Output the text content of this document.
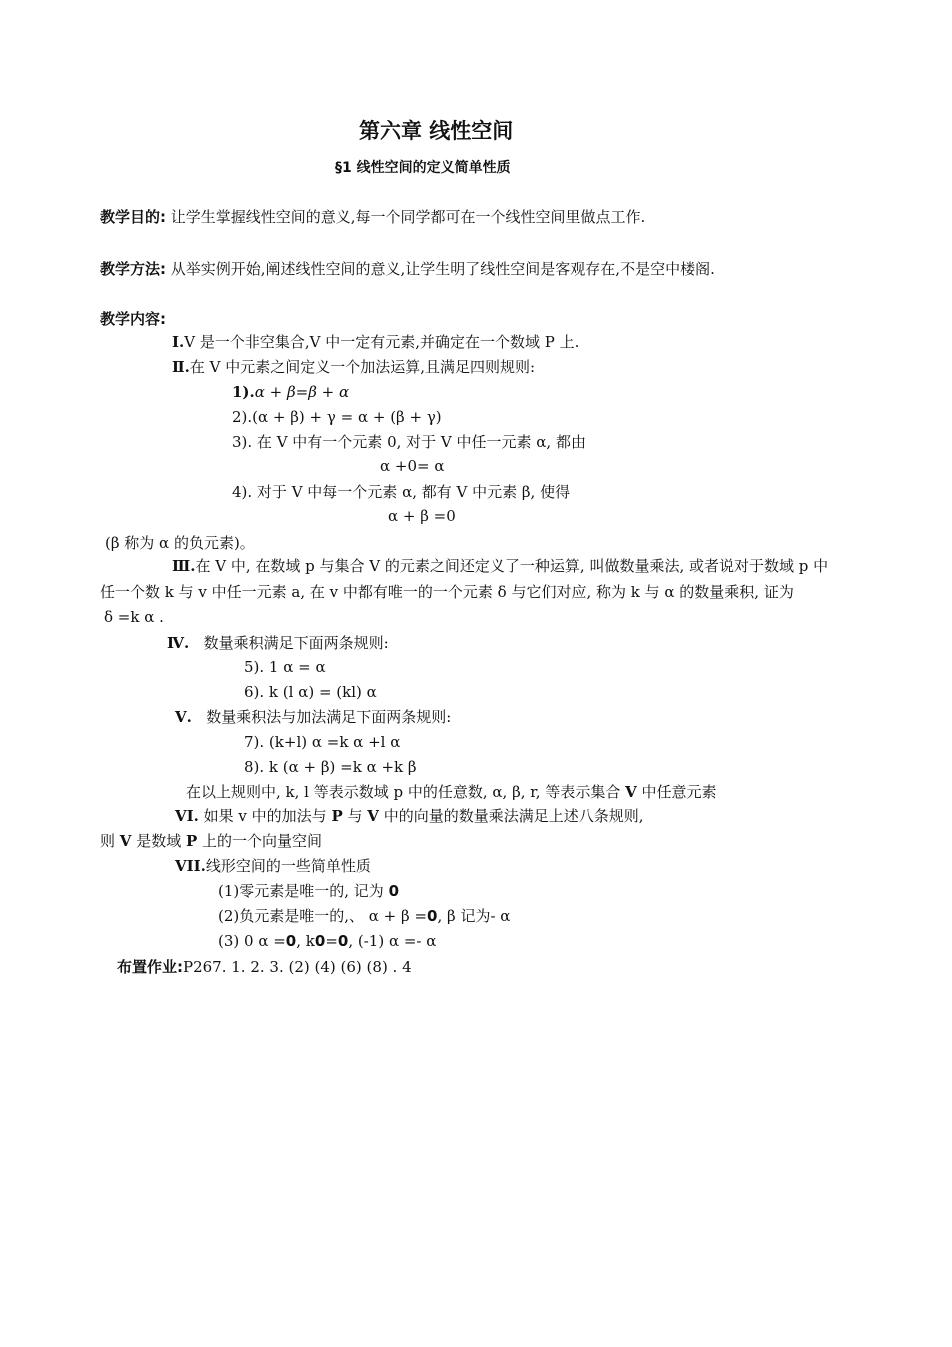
第六章 线性空间
§1 线性空间的定义简单性质
教学目的: 让学生掌握线性空间的意义,每一个同学都可在一个线性空间里做点工作.
教学方法: 从举实例开始,阐述线性空间的意义,让学生明了线性空间是客观存在,不是空中楼阁.
教学内容:
Ⅰ.V 是一个非空集合,V 中一定有元素,并确定在一个数域 P 上.
Ⅱ.在 V 中元素之间定义一个加法运算,且满足四则规则:
1).α + β=β + α
2).(α + β) + γ = α + (β + γ)
3). 在 V 中有一个元素 0, 对于 V 中任一元素 α, 都由
α +0= α
4). 对于 V 中每一个元素 α, 都有 V 中元素 β, 使得
α + β =0
(β 称为 α 的负元素)。
Ⅲ.在 V 中, 在数域 p 与集合 V 的元素之间还定义了一种运算, 叫做数量乘法, 或者说对于数域 p 中
任一个数 k 与 v 中任一元素 a, 在 v 中都有唯一的一个元素 δ 与它们对应, 称为 k 与 α 的数量乘积, 证为
δ =k α .
Ⅳ. 数量乘积满足下面两条规则:
5). 1 α = α
6). k (l α) = (kl) α
Ⅴ. 数量乘积法与加法满足下面两条规则:
7). (k+l) α =k α +l α
8). k (α + β) =k α +k β
在以上规则中, k, l 等表示数域 p 中的任意数, α, β, r, 等表示集合 V 中任意元素
VI. 如果 v 中的加法与 P 与 V 中的向量的数量乘法满足上述八条规则,
则 V 是数域 P 上的一个向量空间
VII.线形空间的一些简单性质
(1)零元素是唯一的, 记为 0
(2)负元素是唯一的,、 α + β =0, β 记为- α
(3) 0 α =0, k0=0, (-1) α =- α
布置作业:P267. 1. 2. 3. (2) (4) (6) (8) . 4
